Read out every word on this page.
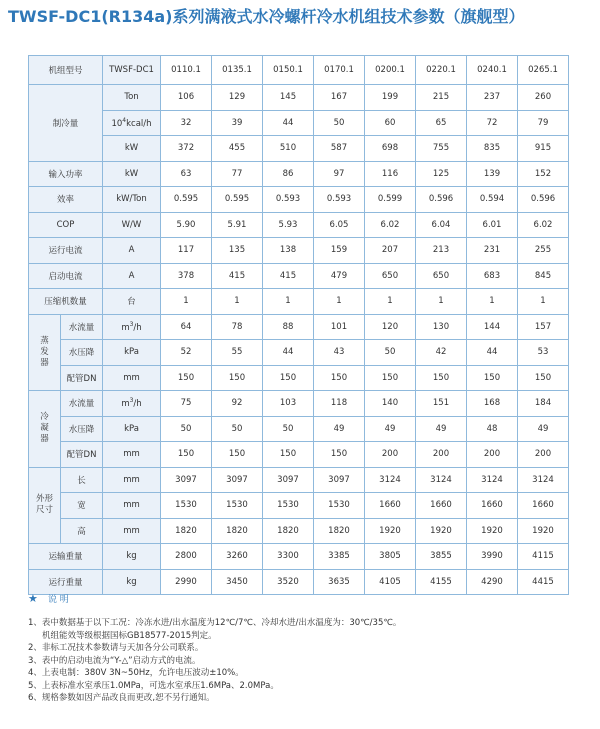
TWSF-DC1(R134a)系列满液式水冷螺杆冷水机组技术参数（旗舰型）
机组型号		TWSF-DC1	0110.1	0135.1	0150.1	0170.1	0200.1	0220.1	0240.1	0265.1
制冷量		Ton	106	129	145	167	199	215	237	260
		$10^4kcal/h$	32	39	44	50	60	65	72	79
		kW	372	455	510	587	698	755	835	915
输入功率		kW	63	77	86	97	116	125	139	152
效率		kW/Ton	0.595	0.595	0.593	0.593	0.599	0.596	0.594	0.596
COP		W/W	5.90	5.91	5.93	6.05	6.02	6.04	6.01	6.02
运行电流		A	117	135	138	159	207	213	231	255
启动电流		A	378	415	415	479	650	650	683	845
压缩机数量		台	1	1	1	1	1	1	1	1

蒸
发
器	水流量	$m^3/h$	64	78	88	101	120	130	144	157
	水压降	kPa	52	55	44	43	50	42	44	53
	配管DN	mm	150	150	150	150	150	150	150	150

冷
凝
器	水流量	$m^3/h$	75	92	103	118	140	151	168	184
	水压降	kPa	50	50	50	49	49	49	48	49
	配管DN	mm	150	150	150	150	200	200	200	200

外形
尺寸	长	mm	3097	3097	3097	3097	3124	3124	3124	3124
	宽	mm	1530	1530	1530	1530	1660	1660	1660	1660
	高	mm	1820	1820	1820	1820	1920	1920	1920	1920
运输重量		kg	2800	3260	3300	3385	3805	3855	3990	4115
运行重量		kg	2990	3450	3520	3635	4105	4155	4290	4415
★ 说 明
1、表中数据基于以下工况：冷冻水进/出水温度为12℃/7℃、冷却水进/出水温度为：30℃/35℃。
机组能效等级根据国标GB18577-2015判定。
2、非标工况技术参数请与天加各分公司联系。
3、表中的启动电流为“Y-△”启动方式的电流。
4、上表电制：380V 3N~50Hz，允许电压波动±10%。
5、上表标准水室承压1.0MPa，可选水室承压1.6MPa、2.0MPa。
6、规格参数如因产品改良而更改,恕不另行通知。
